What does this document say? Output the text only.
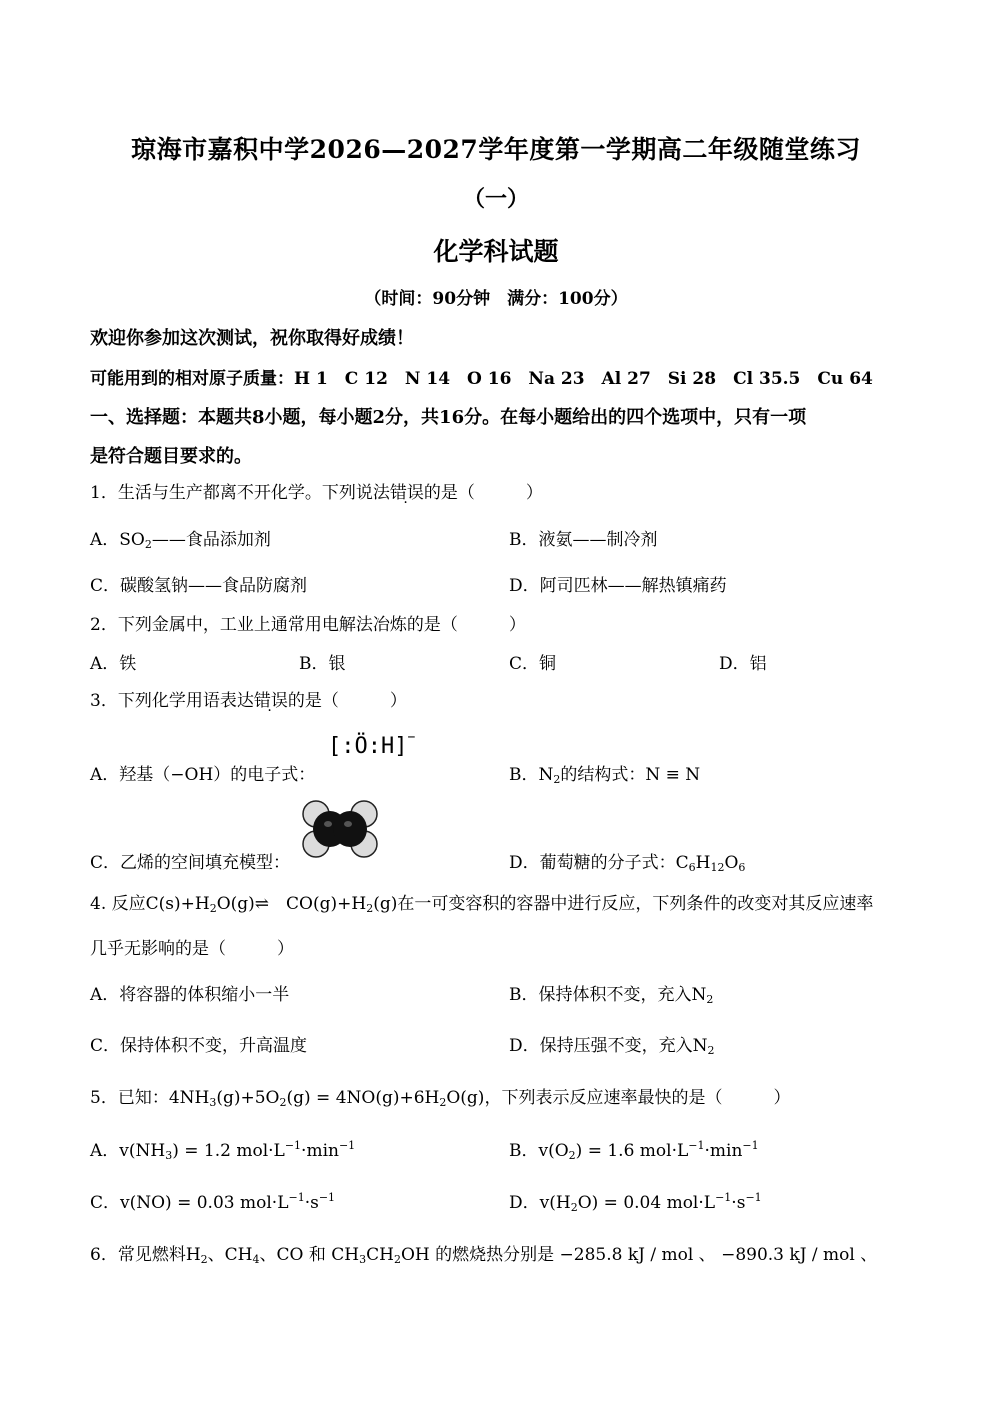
琼海市嘉积中学2026—2027学年度第一学期高二年级随堂练习
（一）
化学科试题
（时间：90分钟　满分：100分）
欢迎你参加这次测试，祝你取得好成绩！
可能用到的相对原子质量：H 1　C 12　N 14　O 16　Na 23　Al 27　Si 28　Cl 35.5　Cu 64
一、选择题：本题共8小题，每小题2分，共16分。在每小题给出的四个选项中，只有一项
是符合题目要求的。
1．生活与生产都离不开化学。下列说法错误的是（　　　）
A．$SO_2——$食品添加剂	B．液氨——制冷剂
C．碳酸氢钠——食品防腐剂	D．阿司匹林——解热镇痛药
2．下列金属中，工业上通常用电解法冶炼的是（　　　）
A．铁	B．银	C．铜	D．铝
3．下列化学用语表达错误的是（　　　）
A．羟基（−OH）的电子式：
[:Ö:H]−
B．$N_2$的结构式：N ≡ N
C．乙烯的空间填充模型：	D．葡萄糖的分子式：$C_6H_{12}O_6$
4. 反应$C(s)+H_2O(g)\rightleftharpoons$　$CO(g)+H_2(g)$在一可变容积的容器中进行反应，下列条件的改变对其反应速率
几乎无影响的是（　　　）
A．将容器的体积缩小一半	B．保持体积不变，充入$N_2$
C．保持体积不变，升高温度	D．保持压强不变，充入$N_2$
5．已知：$4NH_3(g)+5O_2(g) = 4NO(g)+6H_2O(g)$，下列表示反应速率最快的是（　　　）
A．$v(NH_3) = 1.2$ $mol\cdot L^{-1}\cdot\min^{-1}$	B．$v(O_2) = 1.6$ $mol\cdot L^{-1}\cdot\min^{-1}$
C．v(NO) = 0.03 $mol\cdot L^{-1}\cdot s^{-1}$	D．$v(H_2O) = 0.04$ $mol\cdot L^{-1}\cdot s^{-1}$
6．常见燃料$H_2$、$CH_4$、CO 和 $CH_3CH_2OH$ 的燃烧热分别是 −285.8 kJ / mol 、 −890.3 kJ / mol 、
